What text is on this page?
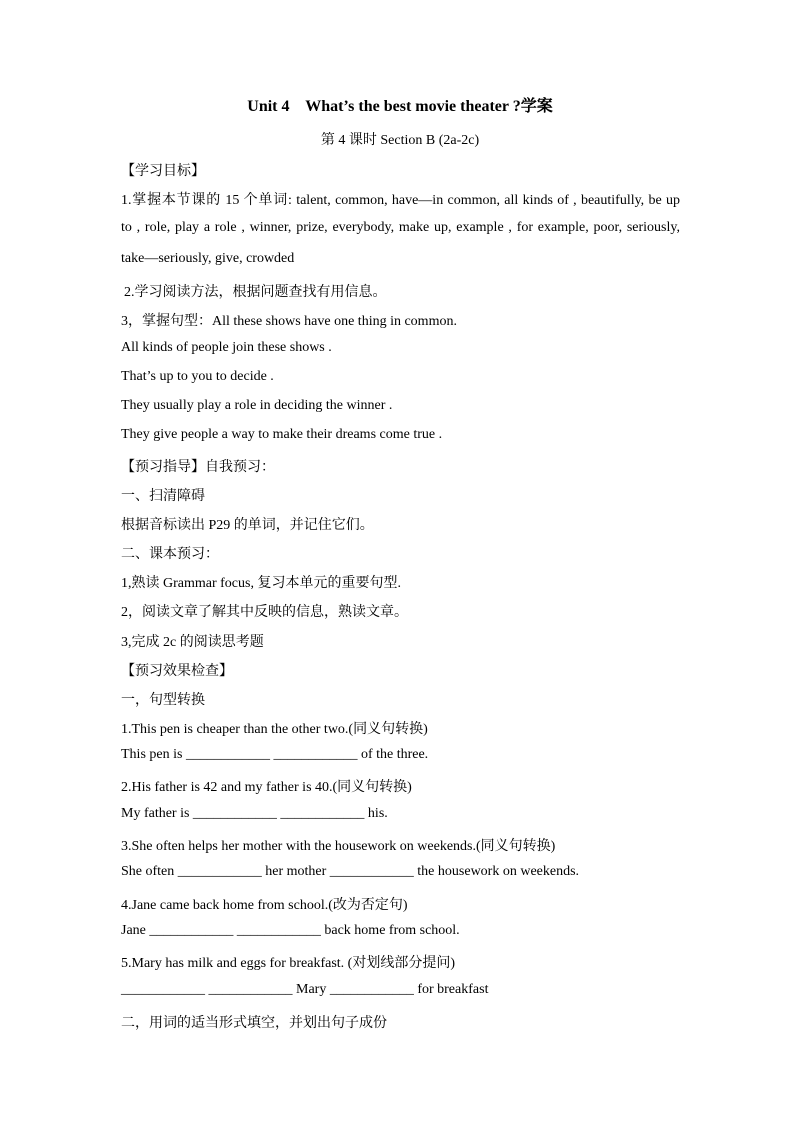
Unit 4    What’s the best movie theater ?学案
第 4 课时 Section B (2a-2c)
【学习目标】
1.掌握本节课的 15 个单词: talent, common, have—in common, all kinds of , beautifully, be up
to , role, play a role , winner, prize, everybody, make up, example , for example, poor, seriously,
take—seriously, give, crowded
2.学习阅读方法，根据问题查找有用信息。
3，掌握句型：All these shows have one thing in common.
All kinds of people join these shows .
That’s up to you to decide .
They usually play a role in deciding the winner .
They give people a way to make their dreams come true .
【预习指导】自我预习：
一、扫清障碍
根据音标读出 P29 的单词，并记住它们。
二、课本预习：
1,熟读 Grammar focus, 复习本单元的重要句型.
2，阅读文章了解其中反映的信息，熟读文章。
3,完成 2c 的阅读思考题
【预习效果检查】
一，句型转换
1.This pen is cheaper than the other two.(同义句转换)
This pen is ____________ ____________ of the three.
2.His father is 42 and my father is 40.(同义句转换)
My father is ____________ ____________ his.
3.She often helps her mother with the housework on weekends.(同义句转换)
She often ____________ her mother ____________ the housework on weekends.
4.Jane came back home from school.(改为否定句)
Jane ____________ ____________ back home from school.
5.Mary has milk and eggs for breakfast. (对划线部分提问)
____________ ____________ Mary ____________ for breakfast
二，用词的适当形式填空，并划出句子成份
